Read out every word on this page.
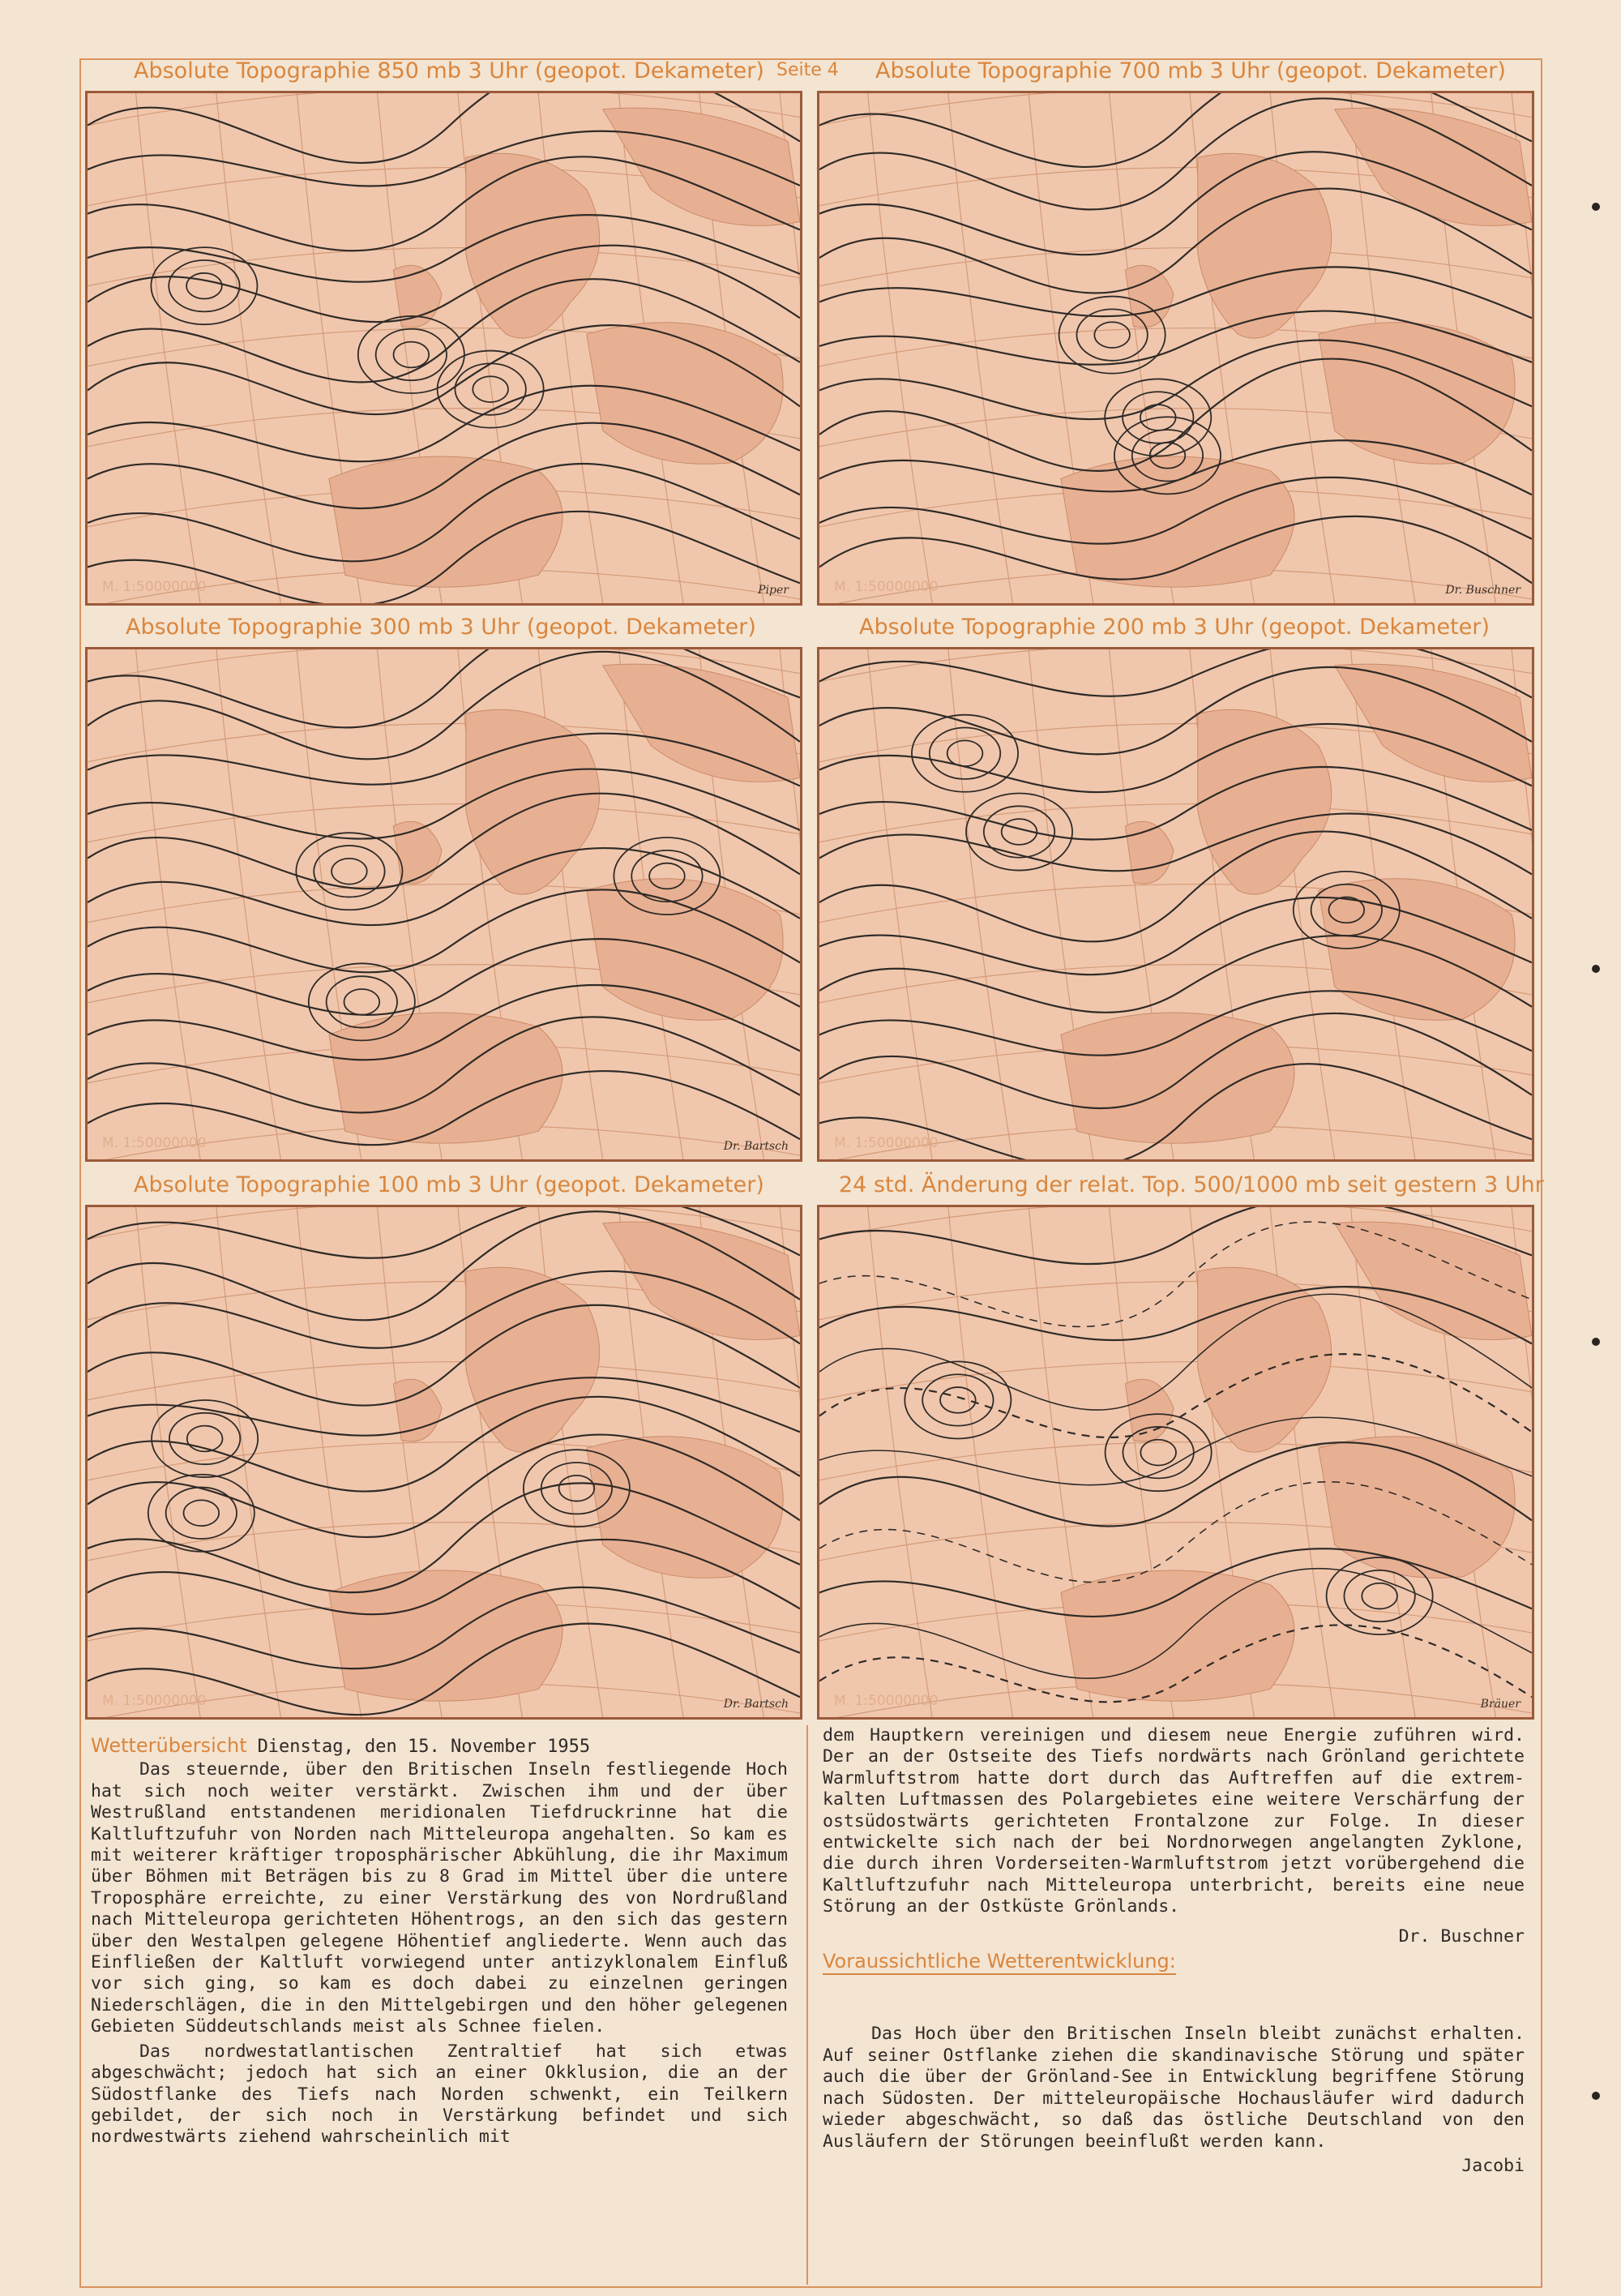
Absolute Topographie 850 mb 3 Uhr (geopot. Dekameter) Seite 4 Absolute Topographie 700 mb 3 Uhr (geopot. Dekameter)
Absolute Topographie 300 mb 3 Uhr (geopot. Dekameter)	Absolute Topographie 200 mb 3 Uhr (geopot. Dekameter)
Absolute Topographie 100 mb 3 Uhr (geopot. Dekameter)	24 std. Änderung der relat. Top. 500/1000 mb seit gestern 3 Uhr
M. 1:50000000	Piper	M. 1:50000000	Dr. Buschner
M. 1:50000000	Dr. Bartsch	M. 1:50000000
M. 1:50000000	Dr. Bartsch	M. 1:50000000	Bräuer
Wetterübersicht Dienstag, den 15. November 1955

Das steuernde, über den Britischen Inseln festliegende Hoch hat sich noch weiter verstärkt. Zwischen ihm und der über Westrußland entstandenen meridionalen Tiefdruckrinne hat die Kaltluftzufuhr von Norden nach Mitteleuropa angehalten. So kam es mit weiterer kräftiger troposphärischer Abkühlung, die ihr Maximum über Böhmen mit Beträgen bis zu 8 Grad im Mittel über die untere Troposphäre erreichte, zu einer Verstärkung des von Nordrußland nach Mitteleuropa gerichteten Höhentrogs, an den sich das gestern über den Westalpen gelegene Höhentief angliederte. Wenn auch das Einfließen der Kaltluft vorwiegend unter antizyklonalem Einfluß vor sich ging, so kam es doch dabei zu einzelnen geringen Niederschlägen, die in den Mittelgebirgen und den höher gelegenen Gebieten Süddeutschlands meist als Schnee fielen.

Das nordwestatlantischen Zentraltief hat sich etwas abgeschwächt; jedoch hat sich an einer Okklusion, die an der Südostflanke des Tiefs nach Norden schwenkt, ein Teilkern gebildet, der sich noch in Verstärkung befindet und sich nordwestwärts ziehend wahrscheinlich mit

dem Hauptkern vereinigen und diesem neue Energie zuführen wird. Der an der Ostseite des Tiefs nordwärts nach Grönland gerichtete Warmluftstrom hatte dort durch das Auftreffen auf die extrem-kalten Luftmassen des Polargebietes eine weitere Verschärfung der ostsüdostwärts gerichteten Frontalzone zur Folge. In dieser entwickelte sich nach der bei Nordnorwegen angelangten Zyklone, die durch ihren Vorderseiten-Warmluftstrom jetzt vorübergehend die Kaltluftzufuhr nach Mitteleuropa unterbricht, bereits eine neue Störung an der Ostküste Grönlands.

Dr. Buschner
Voraussichtliche Wetterentwicklung:

Das Hoch über den Britischen Inseln bleibt zunächst erhalten. Auf seiner Ostflanke ziehen die skandinavische Störung und später auch die über der Grönland-See in Entwicklung begriffene Störung nach Südosten. Der mitteleuropäische Hochausläufer wird dadurch wieder abgeschwächt, so daß das östliche Deutschland von den Ausläufern der Störungen beeinflußt werden kann.

Jacobi
